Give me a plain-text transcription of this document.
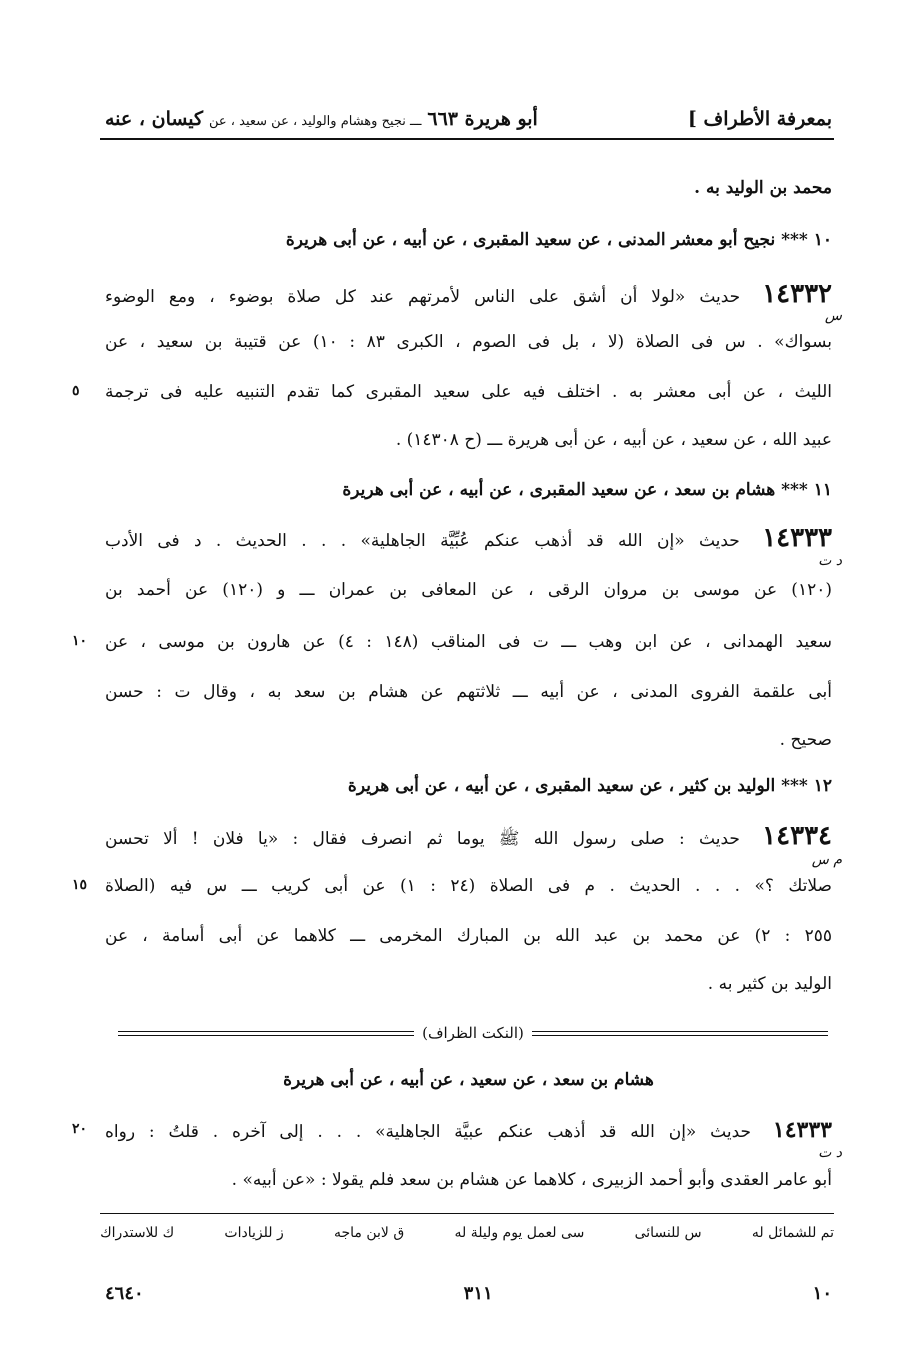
بمعرفة الأطراف ]
أبو هريرة ٦٦٣ ـــ نجيح وهشام والوليد ، عن سعيد ، عن كيسان ، عنه
محمد بن الوليد به .
١٠ *** نجيح أبو معشر المدنى ، عن سعيد المقبرى ، عن أبيه ، عن أبى هريرة
١٤٣٣٢ حديث «لولا أن أشق على الناس لأمرتهم عند كل صلاة بوضوء ، ومع الوضوء
س
بسواك» . س فى الصلاة (لا ، بل فى الصوم ، الكبرى ٨٣ : ١٠) عن قتيبة بن سعيد ، عن
الليث ، عن أبى معشر به . اختلف فيه على سعيد المقبرى كما تقدم التنبيه عليه فى ترجمة
٥
عبيد الله ، عن سعيد ، عن أبيه ، عن أبى هريرة ـــ (ح ١٤٣٠٨) .
١١ *** هشام بن سعد ، عن سعيد المقبرى ، عن أبيه ، عن أبى هريرة
١٤٣٣٣ حديث «إن الله قد أذهب عنكم عُبِّيَّة الجاهلية» . . . الحديث . د فى الأدب
د ت
(١٢٠) عن موسى بن مروان الرقى ، عن المعافى بن عمران ـــ و (١٢٠) عن أحمد بن
سعيد الهمدانى ، عن ابن وهب ـــ ت فى المناقب (١٤٨ : ٤) عن هارون بن موسى ، عن
١٠
أبى علقمة الفروى المدنى ، عن أبيه ـــ ثلاثتهم عن هشام بن سعد به ، وقال ت : حسن
صحيح .
١٢ *** الوليد بن كثير ، عن سعيد المقبرى ، عن أبيه ، عن أبى هريرة
١٤٣٣٤ حديث : صلى رسول الله ﷺ يوما ثم انصرف فقال : «يا فلان ! ألا تحسن
م س
صلاتك ؟» . . . الحديث . م فى الصلاة (٢٤ : ١) عن أبى كريب ـــ س فيه (الصلاة
١٥
٢٥٥ : ٢) عن محمد بن عبد الله بن المبارك المخرمى ـــ كلاهما عن أبى أسامة ، عن
الوليد بن كثير به .
(النكت الظراف)
هشام بن سعد ، عن سعيد ، عن أبيه ، عن أبى هريرة
١٤٣٣٣ حديث «إن الله قد أذهب عنكم عبيَّة الجاهلية» . . . إلى آخره . قلتُ : رواه
٢٠
د ت
أبو عامر العقدى وأبو أحمد الزبيرى ، كلاهما عن هشام بن سعد فلم يقولا : «عن أبيه» .
تم للشمائل له
س للنسائى
سى لعمل يوم وليلة له
ق لابن ماجه
ز للزيادات
ك للاستدراك
٤٦٤٠	٣١١	١٠
